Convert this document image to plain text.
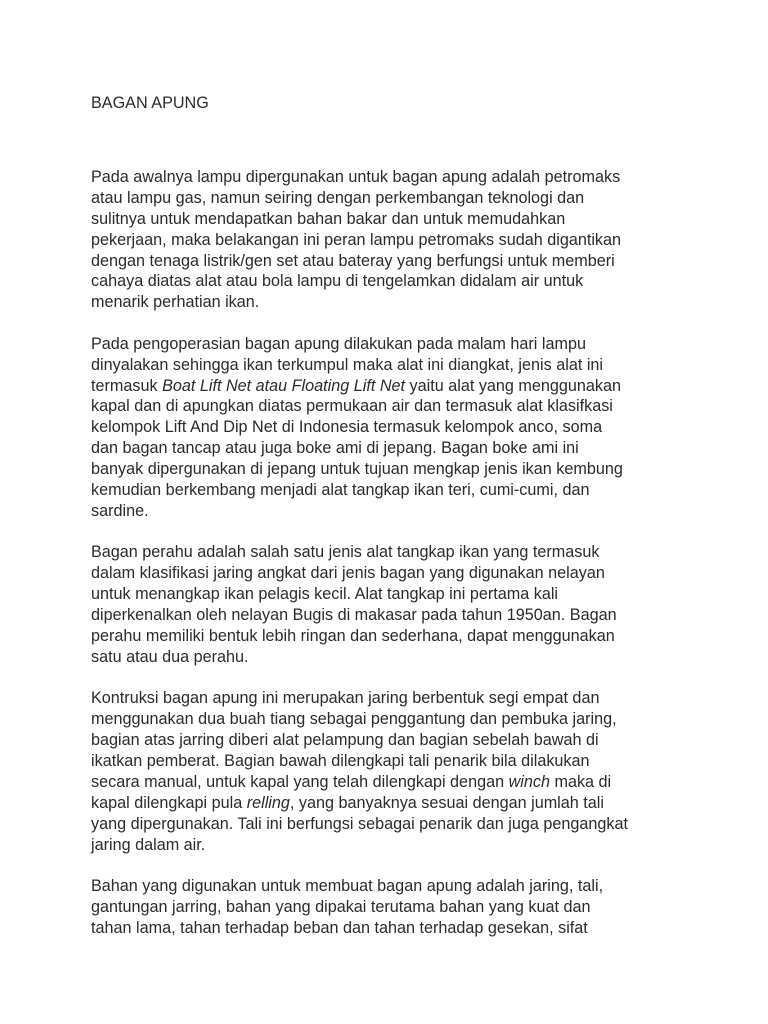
BAGAN APUNG

Pada awalnya lampu dipergunakan untuk bagan apung adalah petromaks
atau lampu gas, namun seiring dengan perkembangan teknologi dan
sulitnya untuk mendapatkan bahan bakar dan untuk memudahkan
pekerjaan, maka belakangan ini peran lampu petromaks sudah digantikan
dengan tenaga listrik/gen set atau bateray yang berfungsi untuk memberi
cahaya diatas alat atau bola lampu di tengelamkan didalam air untuk
menarik perhatian ikan.

Pada pengoperasian bagan apung dilakukan pada malam hari lampu
dinyalakan sehingga ikan terkumpul maka alat ini diangkat, jenis alat ini
termasuk Boat Lift Net atau Floating Lift Net yaitu alat yang menggunakan
kapal dan di apungkan diatas permukaan air dan termasuk alat klasifkasi
kelompok Lift And Dip Net di Indonesia termasuk kelompok anco, soma
dan bagan tancap atau juga boke ami di jepang. Bagan boke ami ini
banyak dipergunakan di jepang untuk tujuan mengkap jenis ikan kembung
kemudian berkembang menjadi alat tangkap ikan teri, cumi-cumi, dan
sardine.

Bagan perahu adalah salah satu jenis alat tangkap ikan yang termasuk
dalam klasifikasi jaring angkat dari jenis bagan yang digunakan nelayan
untuk menangkap ikan pelagis kecil. Alat tangkap ini pertama kali
diperkenalkan oleh nelayan Bugis di makasar pada tahun 1950an. Bagan
perahu memiliki bentuk lebih ringan dan sederhana, dapat menggunakan
satu atau dua perahu.

Kontruksi bagan apung ini merupakan jaring berbentuk segi empat dan
menggunakan dua buah tiang sebagai penggantung dan pembuka jaring,
bagian atas jarring diberi alat pelampung dan bagian sebelah bawah di
ikatkan pemberat. Bagian bawah dilengkapi tali penarik bila dilakukan
secara manual, untuk kapal yang telah dilengkapi dengan winch maka di
kapal dilengkapi pula relling, yang banyaknya sesuai dengan jumlah tali
yang dipergunakan. Tali ini berfungsi sebagai penarik dan juga pengangkat
jaring dalam air.

Bahan yang digunakan untuk membuat bagan apung adalah jaring, tali,
gantungan jarring, bahan yang dipakai terutama bahan yang kuat dan
tahan lama, tahan terhadap beban dan tahan terhadap gesekan, sifat
